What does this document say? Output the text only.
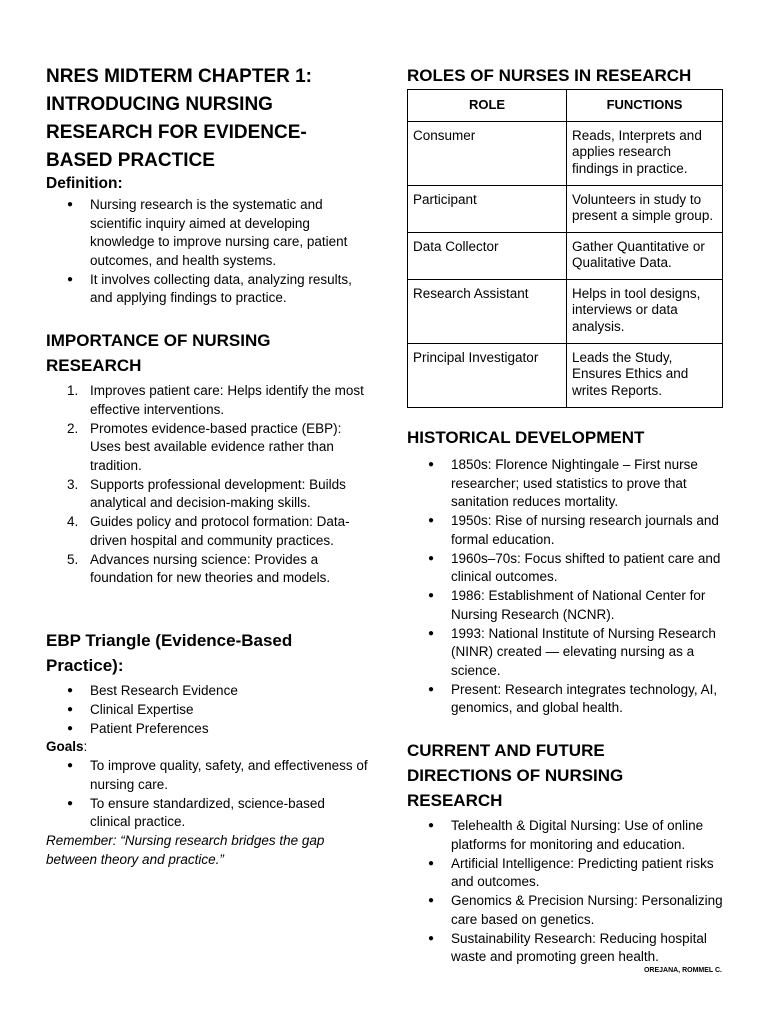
NRES MIDTERM CHAPTER 1: INTRODUCING NURSING RESEARCH FOR EVIDENCE-BASED PRACTICE
Definition:
● Nursing research is the systematic and scientific inquiry aimed at developing knowledge to improve nursing care, patient outcomes, and health systems.
● It involves collecting data, analyzing results, and applying findings to practice.
IMPORTANCE OF NURSING RESEARCH
1. Improves patient care: Helps identify the most effective interventions.
2. Promotes evidence-based practice (EBP): Uses best available evidence rather than tradition.
3. Supports professional development: Builds analytical and decision-making skills.
4. Guides policy and protocol formation: Data-driven hospital and community practices.
5. Advances nursing science: Provides a foundation for new theories and models.
EBP Triangle (Evidence-Based Practice):
● Best Research Evidence
● Clinical Expertise
● Patient Preferences
Goals:
● To improve quality, safety, and effectiveness of nursing care.
● To ensure standardized, science-based clinical practice.

Remember: “Nursing research bridges the gap between theory and practice.”

ROLES OF NURSES IN RESEARCH
ROLE	FUNCTIONS
Consumer	Reads, Interprets and applies research findings in practice.
Participant	Volunteers in study to present a simple group.
Data Collector	Gather Quantitative or Qualitative Data.
Research Assistant	Helps in tool designs, interviews or data analysis.
Principal Investigator	Leads the Study, Ensures Ethics and writes Reports.
HISTORICAL DEVELOPMENT
● 1850s: Florence Nightingale – First nurse researcher; used statistics to prove that sanitation reduces mortality.
● 1950s: Rise of nursing research journals and formal education.
● 1960s–70s: Focus shifted to patient care and clinical outcomes.
● 1986: Establishment of National Center for Nursing Research (NCNR).
● 1993: National Institute of Nursing Research (NINR) created — elevating nursing as a science.
● Present: Research integrates technology, AI, genomics, and global health.
CURRENT AND FUTURE DIRECTIONS OF NURSING RESEARCH
● Telehealth & Digital Nursing: Use of online platforms for monitoring and education.
● Artificial Intelligence: Predicting patient risks and outcomes.
● Genomics & Precision Nursing: Personalizing care based on genetics.
● Sustainability Research: Reducing hospital waste and promoting green health.
OREJANA, ROMMEL C.
